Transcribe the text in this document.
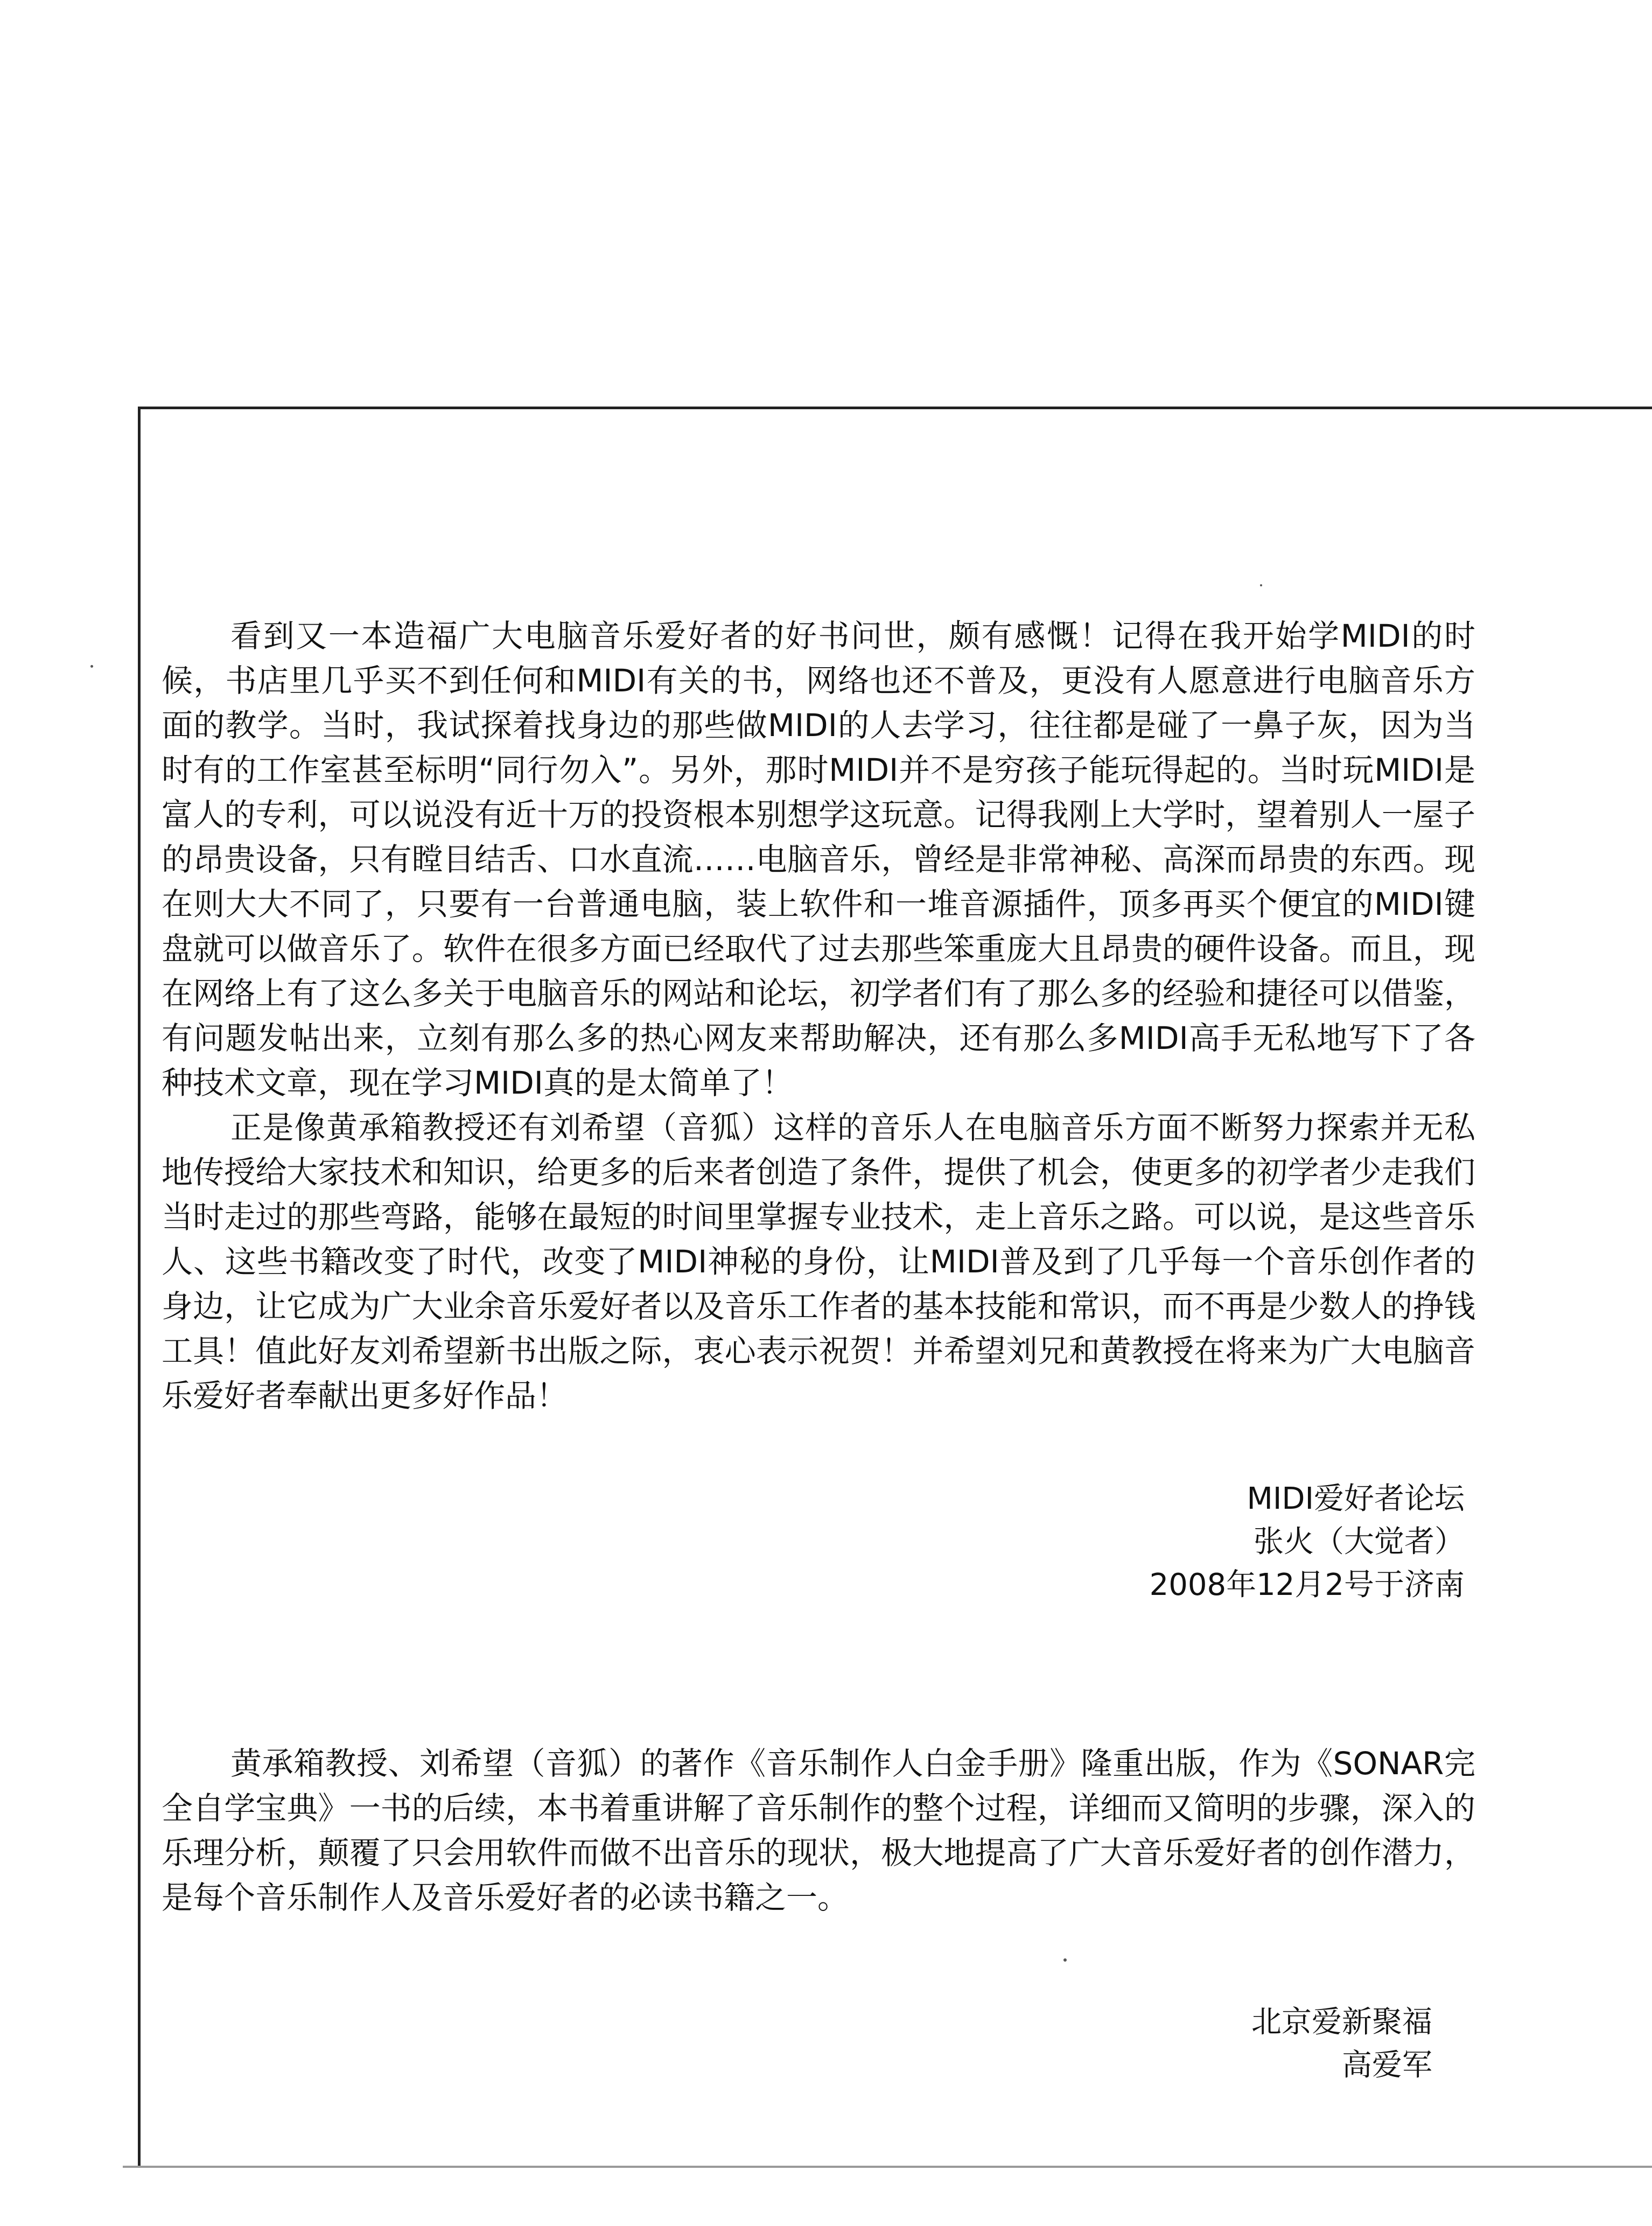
看到又一本造福广大电脑音乐爱好者的好书问世，颇有感慨！记得在我开始学MIDI的时候，书店里几乎买不到任何和MIDI有关的书，网络也还不普及，更没有人愿意进行电脑音乐方面的教学。当时，我试探着找身边的那些做MIDI的人去学习，往往都是碰了一鼻子灰，因为当时有的工作室甚至标明“同行勿入”。另外，那时MIDI并不是穷孩子能玩得起的。当时玩MIDI是富人的专利，可以说没有近十万的投资根本别想学这玩意。记得我刚上大学时，望着别人一屋子的昂贵设备，只有瞠目结舌、口水直流……电脑音乐，曾经是非常神秘、高深而昂贵的东西。现在则大大不同了，只要有一台普通电脑，装上软件和一堆音源插件，顶多再买个便宜的MIDI键盘就可以做音乐了。软件在很多方面已经取代了过去那些笨重庞大且昂贵的硬件设备。而且，现在网络上有了这么多关于电脑音乐的网站和论坛，初学者们有了那么多的经验和捷径可以借鉴，有问题发帖出来，立刻有那么多的热心网友来帮助解决，还有那么多MIDI高手无私地写下了各种技术文章，现在学习MIDI真的是太简单了！

正是像黄承箱教授还有刘希望（音狐）这样的音乐人在电脑音乐方面不断努力探索并无私地传授给大家技术和知识，给更多的后来者创造了条件，提供了机会，使更多的初学者少走我们当时走过的那些弯路，能够在最短的时间里掌握专业技术，走上音乐之路。可以说，是这些音乐人、这些书籍改变了时代，改变了MIDI神秘的身份，让MIDI普及到了几乎每一个音乐创作者的身边，让它成为广大业余音乐爱好者以及音乐工作者的基本技能和常识，而不再是少数人的挣钱工具！值此好友刘希望新书出版之际，衷心表示祝贺！并希望刘兄和黄教授在将来为广大电脑音乐爱好者奉献出更多好作品！

MIDI爱好者论坛
张火（大觉者）
2008年12月2号于济南

黄承箱教授、刘希望（音狐）的著作《音乐制作人白金手册》隆重出版，作为《SONAR完全自学宝典》一书的后续，本书着重讲解了音乐制作的整个过程，详细而又简明的步骤，深入的乐理分析，颠覆了只会用软件而做不出音乐的现状，极大地提高了广大音乐爱好者的创作潜力，是每个音乐制作人及音乐爱好者的必读书籍之一。

北京爱新聚福
高爱军
